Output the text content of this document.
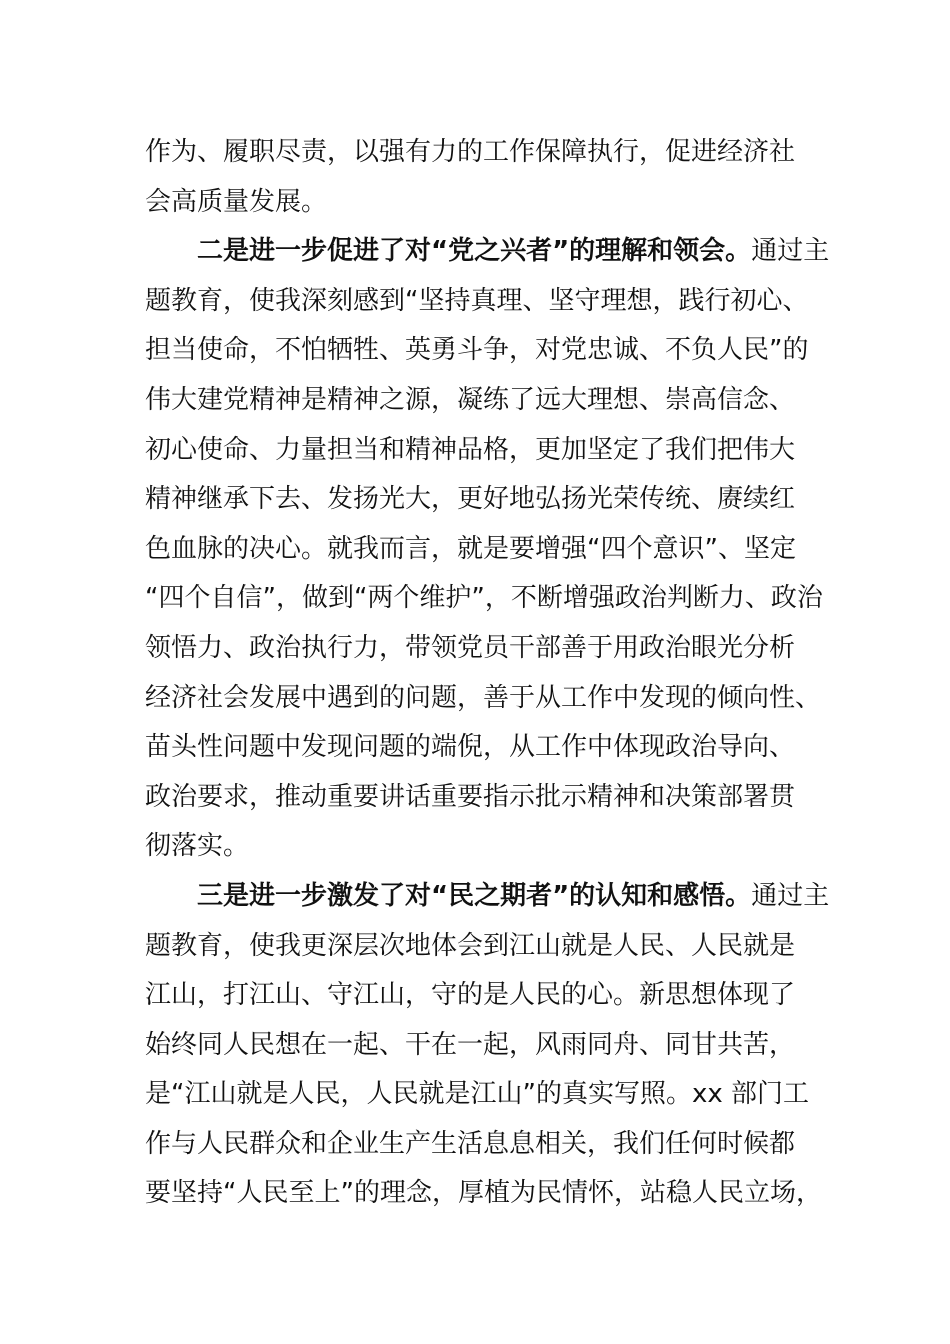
作为、履职尽责，以强有力的工作保障执行，促进经济社
会高质量发展。
二是进一步促进了对“党之兴者”的理解和领会。通过主
题教育，使我深刻感到“坚持真理、坚守理想，践行初心、
担当使命，不怕牺牲、英勇斗争，对党忠诚、不负人民”的
伟大建党精神是精神之源，凝练了远大理想、崇高信念、
初心使命、力量担当和精神品格，更加坚定了我们把伟大
精神继承下去、发扬光大，更好地弘扬光荣传统、赓续红
色血脉的决心。就我而言，就是要增强“四个意识”、坚定
“四个自信”，做到“两个维护”，不断增强政治判断力、政治
领悟力、政治执行力，带领党员干部善于用政治眼光分析
经济社会发展中遇到的问题，善于从工作中发现的倾向性、
苗头性问题中发现问题的端倪，从工作中体现政治导向、
政治要求，推动重要讲话重要指示批示精神和决策部署贯
彻落实。
三是进一步激发了对“民之期者”的认知和感悟。通过主
题教育，使我更深层次地体会到江山就是人民、人民就是
江山，打江山、守江山，守的是人民的心。新思想体现了
始终同人民想在一起、干在一起，风雨同舟、同甘共苦，
是“江山就是人民，人民就是江山”的真实写照。xx 部门工
作与人民群众和企业生产生活息息相关，我们任何时候都
要坚持“人民至上”的理念，厚植为民情怀，站稳人民立场，
